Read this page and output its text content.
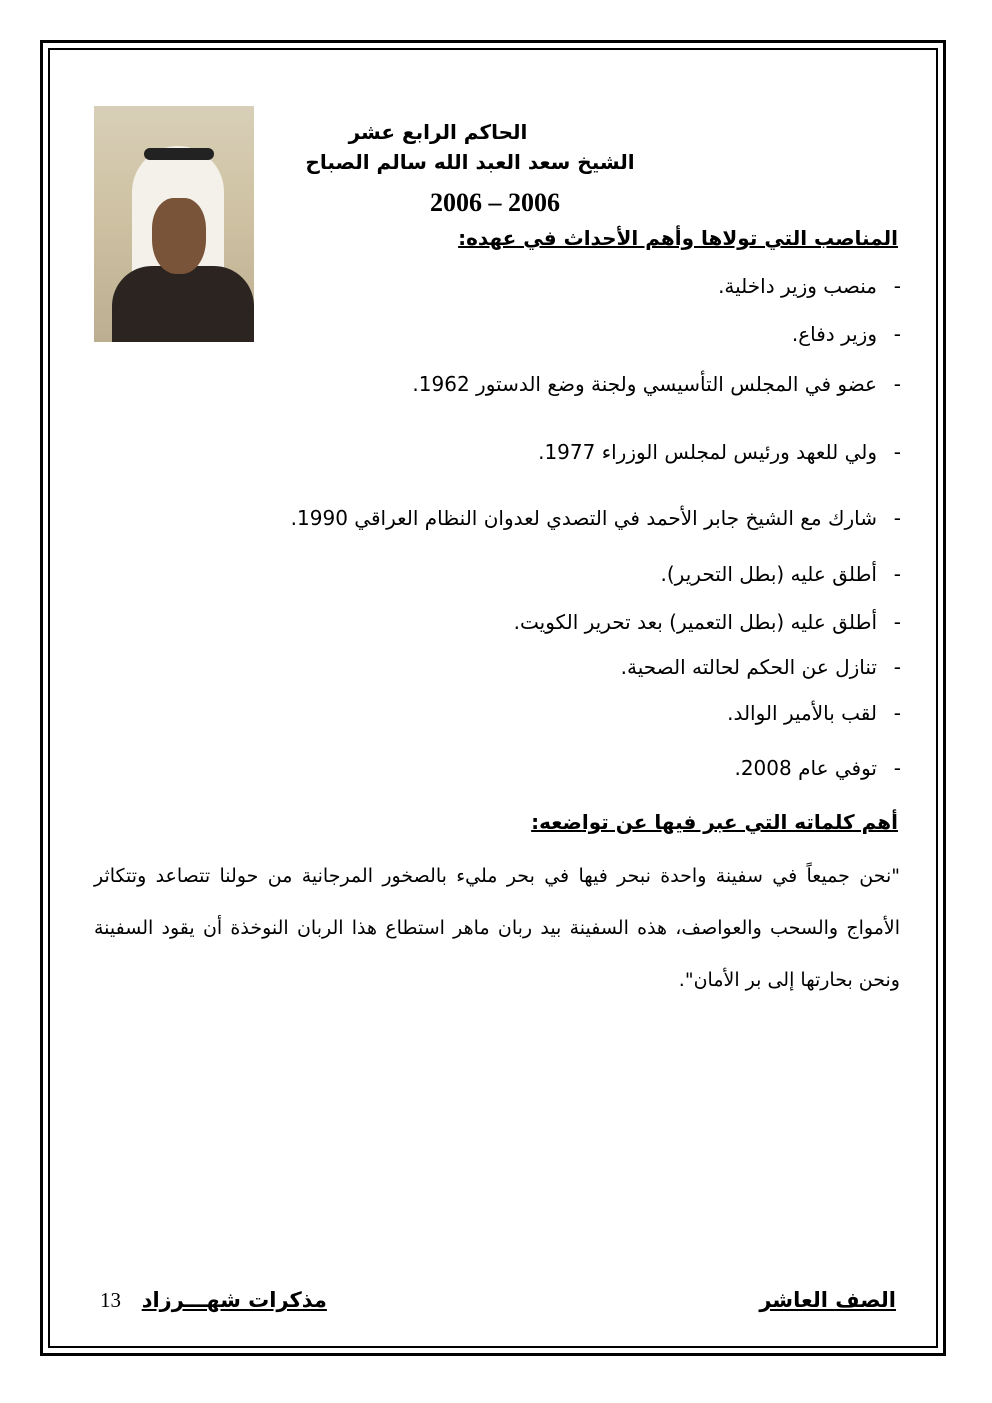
الحاكم الرابع عشر
الشيخ سعد العبد الله سالم الصباح
2006 – 2006
المناصب التي تولاها وأهم الأحداث في عهده:
-
منصب وزير داخلية.
-
وزير دفاع.
-
عضو في المجلس التأسيسي ولجنة وضع الدستور 1962.
-
ولي للعهد ورئيس لمجلس الوزراء 1977.
-
شارك مع الشيخ جابر الأحمد في التصدي لعدوان النظام العراقي 1990.
-
أطلق عليه (بطل التحرير).
-
أطلق عليه (بطل التعمير) بعد تحرير الكويت.
-
تنازل عن الحكم لحالته الصحية.
-
لقب بالأمير الوالد.
-
توفي عام 2008.
أهم كلماته التي عبر فيها عن تواضعه:

"نحن جميعاً في سفينة واحدة نبحر فيها في بحر مليء بالصخور المرجانية من حولنا تتصاعد وتتكاثر الأمواج والسحب والعواصف، هذه السفينة بيد ربان ماهر استطاع هذا الربان النوخذة أن يقود السفينة ونحن بحارتها إلى بر الأمان".

الصف العاشر
13 مذكرات شهـــرزاد
